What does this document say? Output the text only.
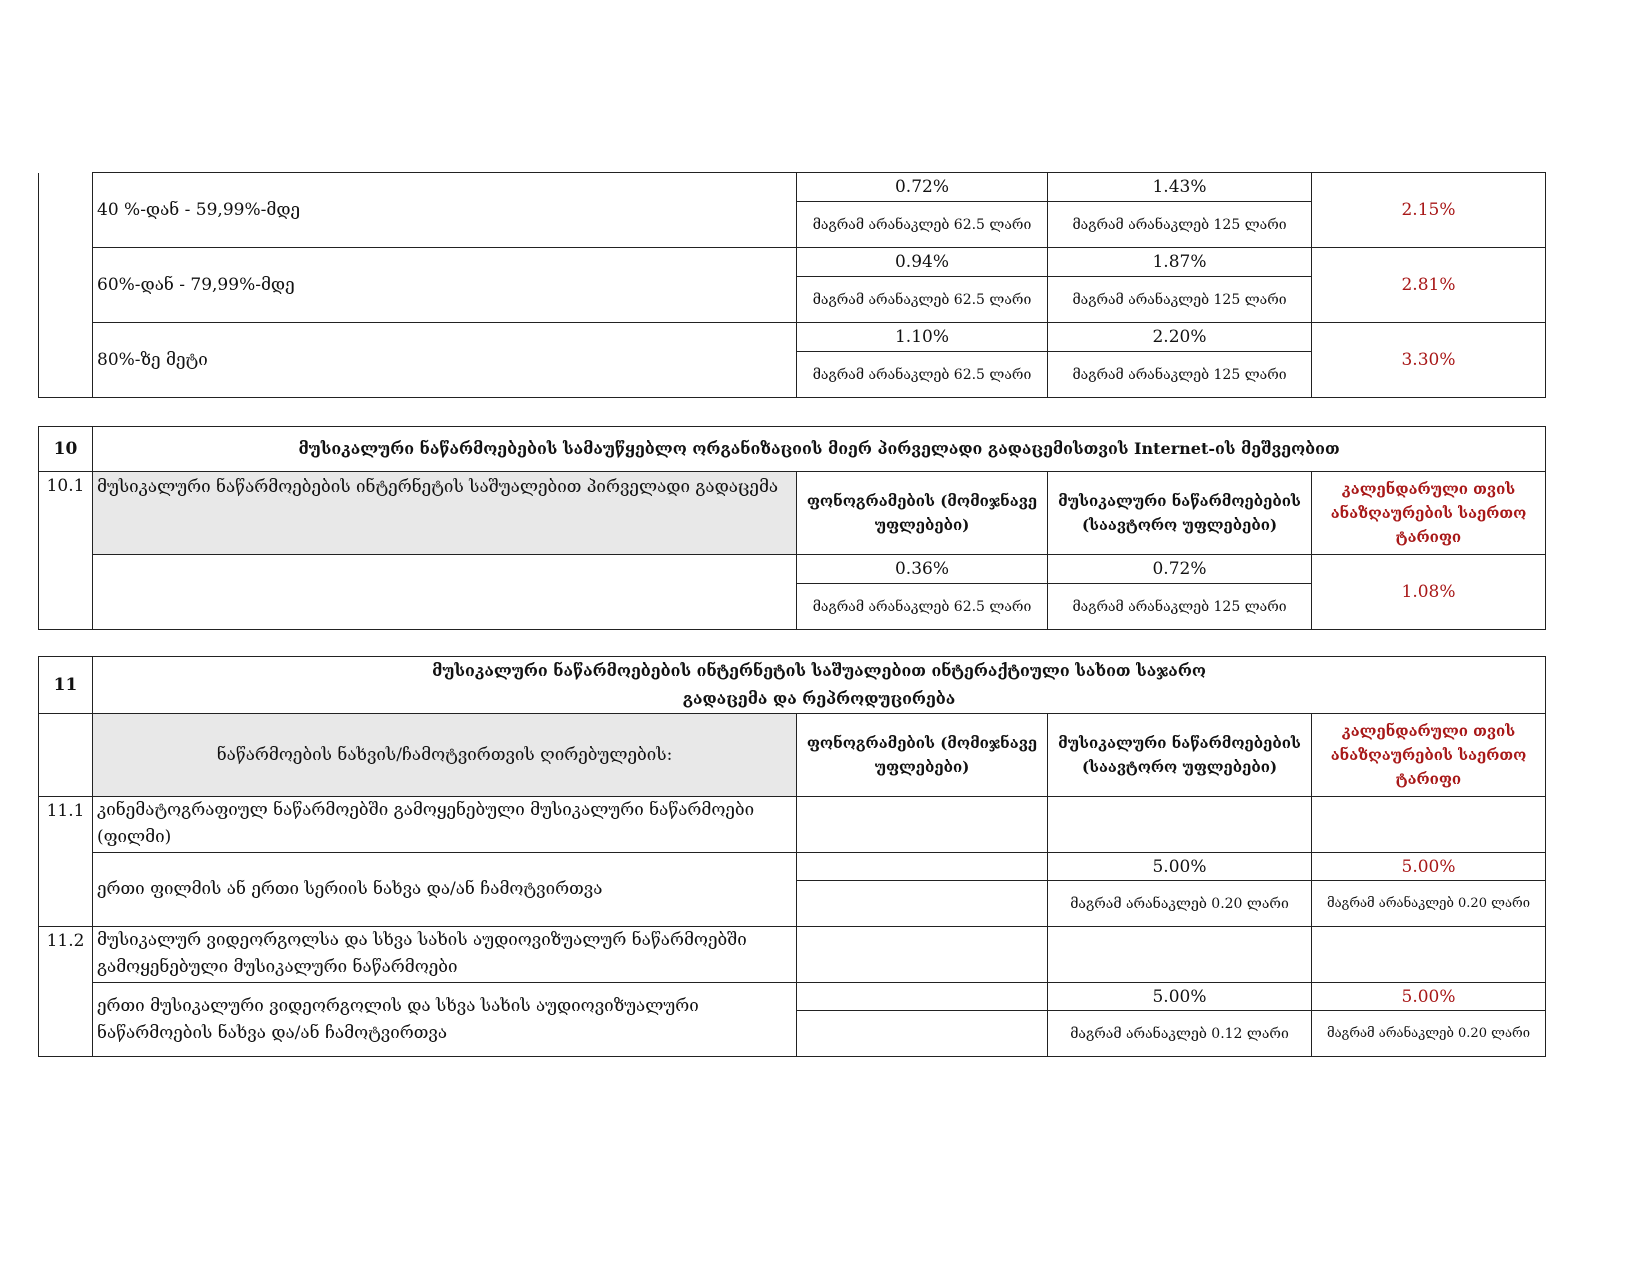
	40 %-დან - 59,99%-მდე	0.72%	1.43%	2.15%
		მაგრამ არანაკლებ 62.5 ლარი	მაგრამ არანაკლებ 125 ლარი	
	60%-დან - 79,99%-მდე	0.94%	1.87%	2.81%
		მაგრამ არანაკლებ 62.5 ლარი	მაგრამ არანაკლებ 125 ლარი	
	80%-ზე მეტი	1.10%	2.20%	3.30%
		მაგრამ არანაკლებ 62.5 ლარი	მაგრამ არანაკლებ 125 ლარი	
10	მუსიკალური ნაწარმოებების სამაუწყებლო ორგანიზაციის მიერ პირველადი გადაცემისთვის Internet-ის მეშვეობით			
10.1	მუსიკალური ნაწარმოებების ინტერნეტის საშუალებით პირველადი გადაცემა	ფონოგრამების (მომიჯნავე უფლებები)	მუსიკალური ნაწარმოებების (საავტორო უფლებები)	კალენდარული თვის ანაზღაურების საერთო ტარიფი
		0.36%	0.72%	1.08%
		მაგრამ არანაკლებ 62.5 ლარი	მაგრამ არანაკლებ 125 ლარი	
11	მუსიკალური ნაწარმოებების ინტერნეტის საშუალებით ინტერაქტიული სახით საჯარო
გადაცემა და რეპროდუცირება			
	ნაწარმოების ნახვის/ჩამოტვირთვის ღირებულების:	ფონოგრამების (მომიჯნავე უფლებები)	მუსიკალური ნაწარმოებების (საავტორო უფლებები)	კალენდარული თვის ანაზღაურების საერთო ტარიფი
11.1	კინემატოგრაფიულ ნაწარმოებში გამოყენებული მუსიკალური ნაწარმოები (ფილმი)			
	ერთი ფილმის ან ერთი სერიის ნახვა და/ან ჩამოტვირთვა		5.00%	5.00%
			მაგრამ არანაკლებ 0.20 ლარი	მაგრამ არანაკლებ 0.20 ლარი
11.2	მუსიკალურ ვიდეორგოლსა და სხვა სახის აუდიოვიზუალურ ნაწარმოებში გამოყენებული მუსიკალური ნაწარმოები			
	ერთი მუსიკალური ვიდეორგოლის და სხვა სახის აუდიოვიზუალური ნაწარმოების ნახვა და/ან ჩამოტვირთვა		5.00%	5.00%
			მაგრამ არანაკლებ 0.12 ლარი	მაგრამ არანაკლებ 0.20 ლარი
